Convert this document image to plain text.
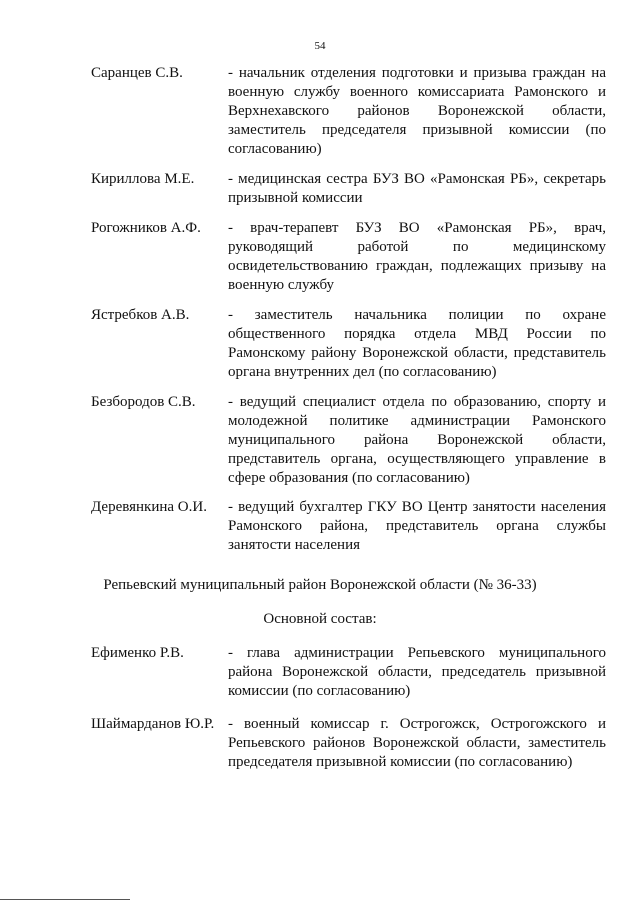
54
Саранцев С.В.	- начальник отделения подготовки и призыва граждан на военную службу военного комиссариата Рамонского и Верхнехавского районов Воронежской области, заместитель председателя призывной комиссии (по согласованию)
Кириллова М.Е. - медицинская сестра БУЗ ВО «Рамонская РБ», секретарь призывной комиссии
Рогожников А.Ф. - врач-терапевт БУЗ ВО «Рамонская РБ», врач, руководящий работой по медицинскому освидетельствованию граждан, подлежащих призыву на военную службу
Ястребков А.В.	- заместитель начальника полиции по охране общественного порядка отдела МВД России по Рамонскому району Воронежской области, представитель органа внутренних дел (по согласованию)
Безбородов С.В. - ведущий специалист отдела по образованию, спорту и молодежной политике администрации Рамонского муниципального района Воронежской области, представитель органа, осуществляющего управление в сфере образования (по согласованию)
Деревянкина О.И. - ведущий бухгалтер ГКУ ВО Центр занятости населения Рамонского района, представитель органа службы занятости населения
Репьевский муниципальный район Воронежской области (№ 36-33)
Основной состав:
Ефименко Р.В.	- глава администрации Репьевского муниципального района Воронежской области, председатель призывной комиссии (по согласованию)
Шаймарданов Ю.Р. - военный комиссар г. Острогожск, Острогожского и Репьевского районов Воронежской области, заместитель председателя призывной комиссии (по согласованию)
